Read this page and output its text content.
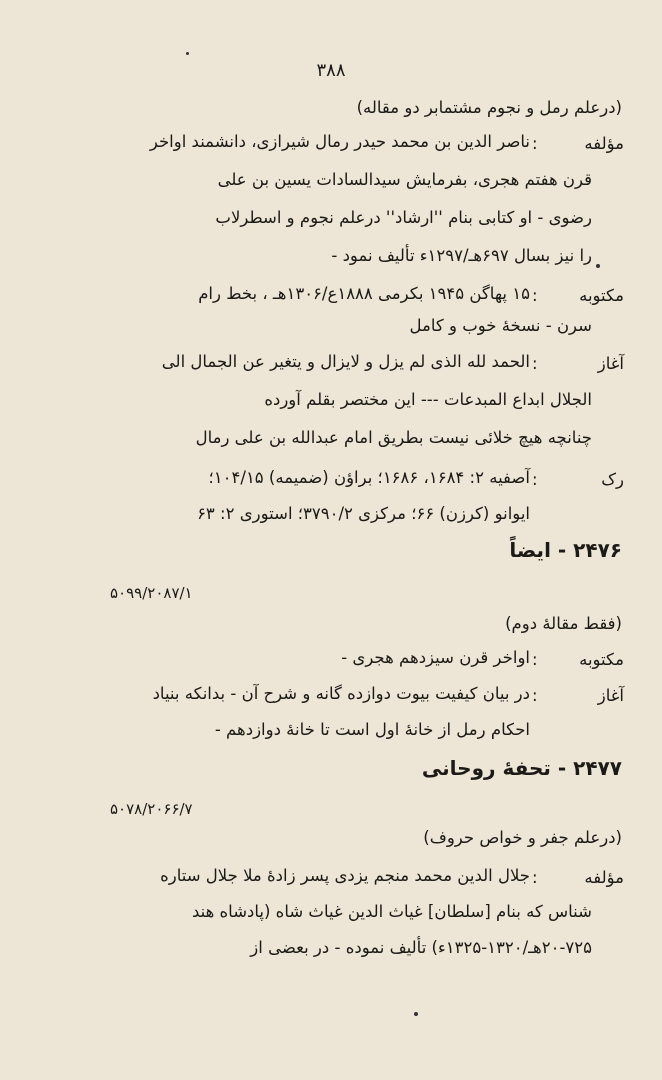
۳۸۸
(درعلم رمل و نجوم مشتمابر دو مقاله)
مؤلفه
:
ناصر الدین بن محمد حیدر رمال شیرازی، دانشمند اواخر
قرن هفتم هجری، بفرمایش سیدالسادات یسین بن علی
رضوی - او کتابی بنام ''ارشاد'' درعلم نجوم و اسطرلاب
را نیز بسال ۶۹۷هـ/۱۲۹۷ء تألیف نمود -
مکتوبه
:
۱۵ پهاگن ۱۹۴۵ بکرمی ۱۸۸۸ع/۱۳۰۶هـ ، بخط رام
سرن - نسخهٔ خوب و کامل
آغاز
:
الحمد لله الذی لم یزل و لایزال و یتغیر عن الجمال الی
الجلال ابداع المبدعات --- این مختصر بقلم آورده
چنانچه هیچ خلائی نیست بطریق امام عبدالله بن علی رمال
رک
:
آصفیه ۲: ۱۶۸۴، ۱۶۸۶؛ براؤن (ضمیمه) ۱۰۴/۱۵؛
ایوانو (کرزن) ۶۶؛ مرکزی ۳۷۹۰/۲؛ استوری ۲: ۶۳
۲۴۷۶ - ایضاً
۵۰۹۹/۲۰۸۷/۱
(فقط مقالهٔ دوم)
مکتوبه
:
اواخر قرن سیزدهم هجری -
آغاز
:
در بیان کیفیت بیوت دوازده گانه و شرح آن - بدانکه بنیاد
احکام رمل از خانهٔ اول است تا خانهٔ دوازدهم -
۲۴۷۷ - تحفهٔ روحانی
۵۰۷۸/۲۰۶۶/۷
(درعلم جفر و خواص حروف)
مؤلفه
:
جلال الدین محمد منجم یزدی پسر زادهٔ ملا جلال ستاره
شناس که بنام [سلطان] غیاث الدین غیاث شاه (پادشاه هند
۲۰-۷۲۵هـ/۱۳۲۰-۱۳۲۵ء) تألیف نموده - در بعضی از
